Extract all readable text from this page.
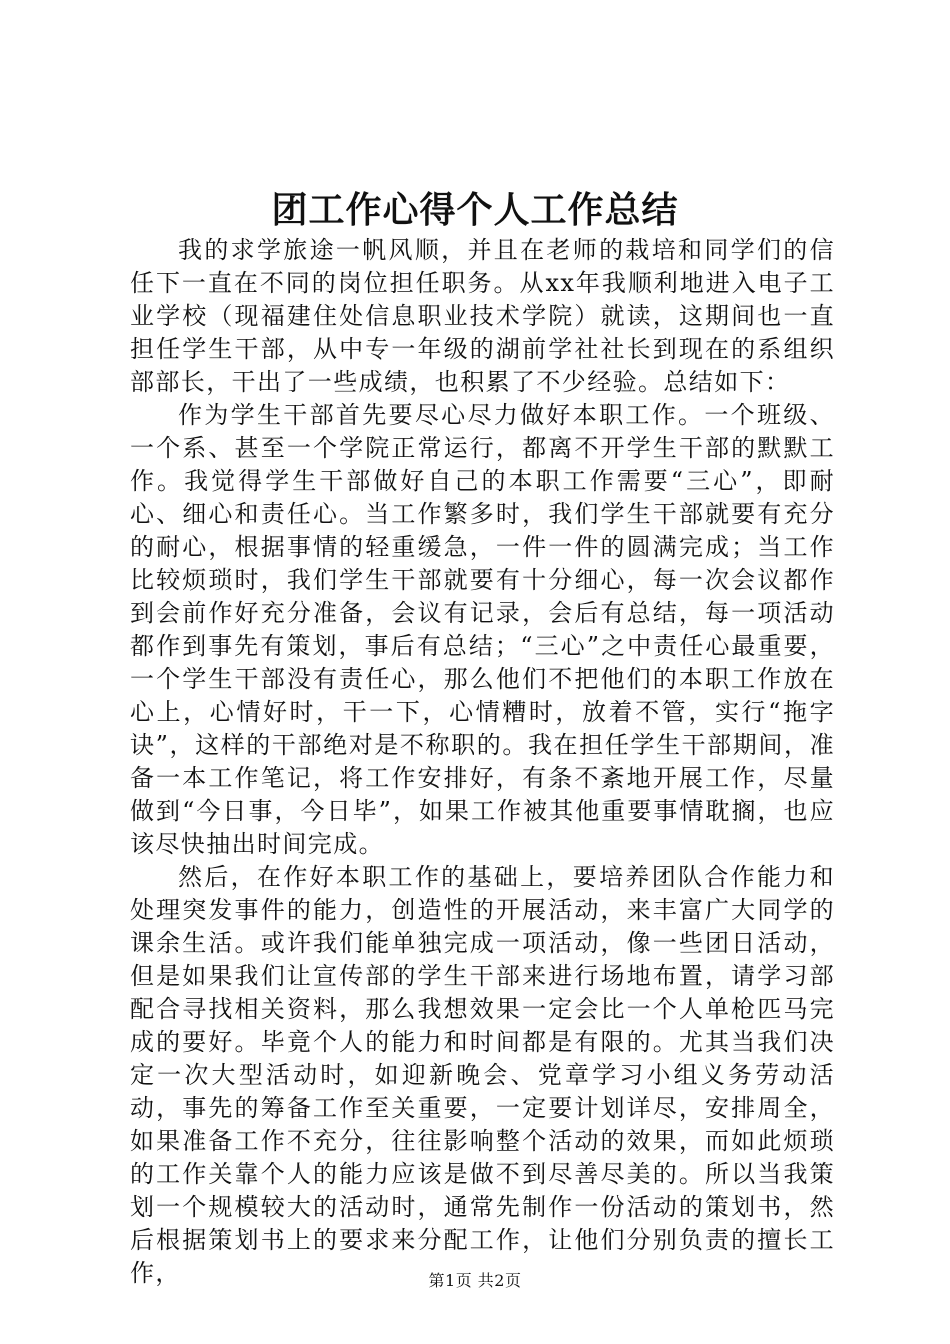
团工作心得个人工作总结

我的求学旅途一帆风顺，并且在老师的栽培和同学们的信任下一直在不同的岗位担任职务。从xx年我顺利地进入电子工业学校（现福建住处信息职业技术学院）就读，这期间也一直担任学生干部，从中专一年级的湖前学社社长到现在的系组织部部长，干出了一些成绩，也积累了不少经验。总结如下：

作为学生干部首先要尽心尽力做好本职工作。一个班级、一个系、甚至一个学院正常运行，都离不开学生干部的默默工作。我觉得学生干部做好自己的本职工作需要“三心”，即耐心、细心和责任心。当工作繁多时，我们学生干部就要有充分的耐心，根据事情的轻重缓急，一件一件的圆满完成；当工作比较烦琐时，我们学生干部就要有十分细心，每一次会议都作到会前作好充分准备，会议有记录，会后有总结，每一项活动都作到事先有策划，事后有总结；“三心”之中责任心最重要，一个学生干部没有责任心，那么他们不把他们的本职工作放在心上，心情好时，干一下，心情糟时，放着不管，实行“拖字诀”，这样的干部绝对是不称职的。我在担任学生干部期间，准备一本工作笔记，将工作安排好，有条不紊地开展工作，尽量做到“今日事，今日毕”，如果工作被其他重要事情耽搁，也应该尽快抽出时间完成。

然后，在作好本职工作的基础上，要培养团队合作能力和处理突发事件的能力，创造性的开展活动，来丰富广大同学的课余生活。或许我们能单独完成一项活动，像一些团日活动，但是如果我们让宣传部的学生干部来进行场地布置，请学习部配合寻找相关资料，那么我想效果一定会比一个人单枪匹马完成的要好。毕竟个人的能力和时间都是有限的。尤其当我们决定一次大型活动时，如迎新晚会、党章学习小组义务劳动活动，事先的筹备工作至关重要，一定要计划详尽，安排周全，如果准备工作不充分，往往影响整个活动的效果，而如此烦琐的工作关靠个人的能力应该是做不到尽善尽美的。所以当我策划一个规模较大的活动时，通常先制作一份活动的策划书，然后根据策划书上的要求来分配工作，让他们分别负责的擅长工作，	第1页 共2页
